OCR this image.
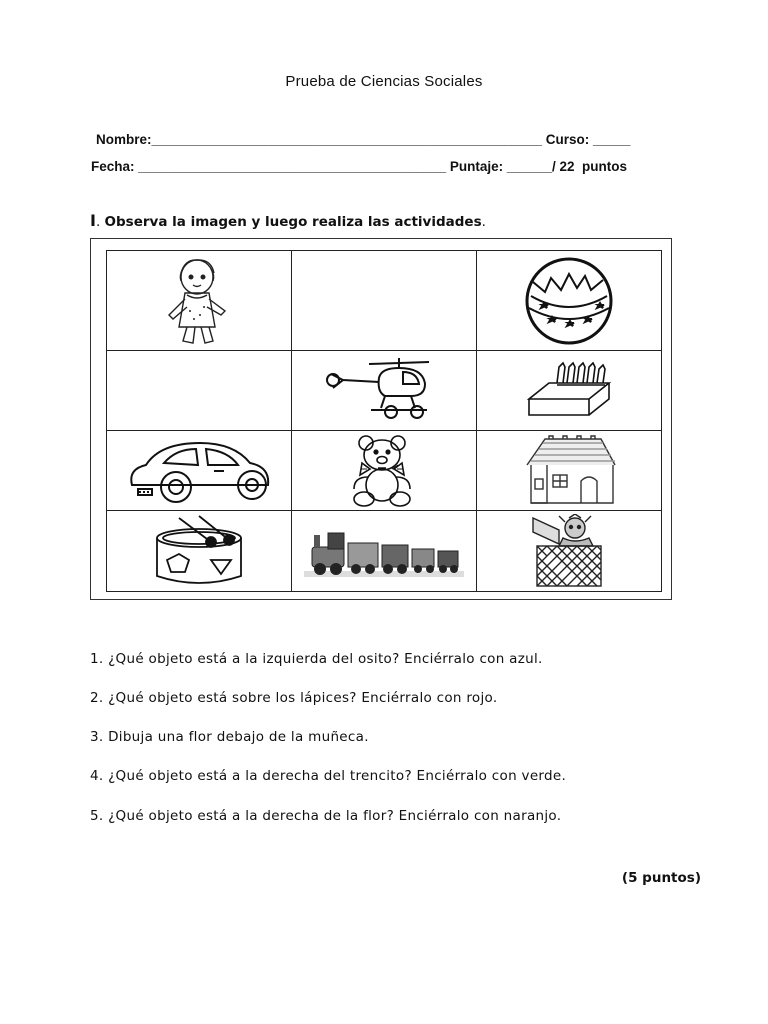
Prueba de Ciencias Sociales
Nombre:____________________________________________________ Curso: _____
Fecha: _________________________________________ Puntaje: ______/ 22  puntos
I. Observa la imagen y luego realiza las actividades.

1. ¿Qué objeto está a la izquierda del osito? Enciérralo con azul.
2. ¿Qué objeto está sobre los lápices? Enciérralo con rojo.
3. Dibuja una flor debajo de la muñeca.
4. ¿Qué objeto está a la derecha del trencito? Enciérralo con verde.
5. ¿Qué objeto está a la derecha de la flor? Enciérralo con naranjo.
(5 puntos)
